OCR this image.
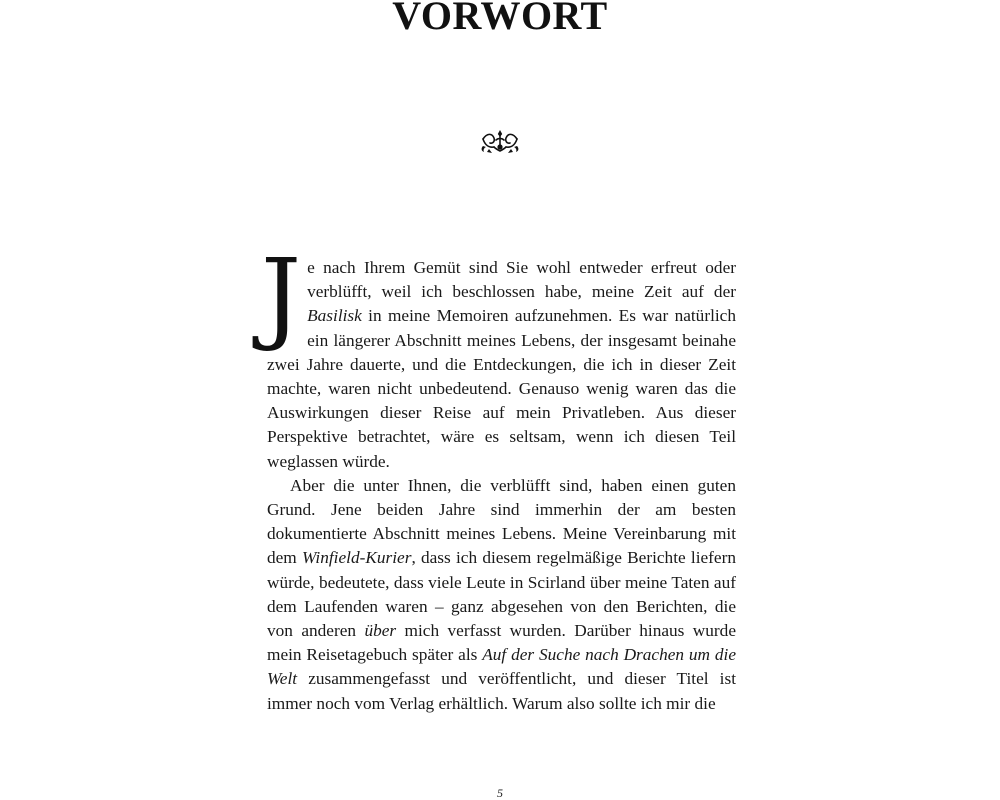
VORWORT

Je nach Ihrem Gemüt sind Sie wohl entweder erfreut oder verblüfft, weil ich beschlossen habe, meine Zeit auf der Basilisk in meine Memoiren aufzunehmen. Es war natürlich ein längerer Abschnitt meines Lebens, der insgesamt beinahe zwei Jahre dauerte, und die Entdeckungen, die ich in dieser Zeit machte, waren nicht unbedeutend. Genauso wenig waren das die Auswirkungen dieser Reise auf mein Privatleben. Aus dieser Perspektive betrachtet, wäre es seltsam, wenn ich diesen Teil weglassen würde.

Aber die unter Ihnen, die verblüfft sind, haben einen guten Grund. Jene beiden Jahre sind immerhin der am besten dokumentierte Abschnitt meines Lebens. Meine Vereinbarung mit dem Winfield-Kurier, dass ich diesem regelmäßige Berichte liefern würde, bedeutete, dass viele Leute in Scirland über meine Taten auf dem Laufenden waren – ganz abgesehen von den Berichten, die von anderen über mich verfasst wurden. Darüber hinaus wurde mein Reisetagebuch später als Auf der Suche nach Drachen um die Welt zusammengefasst und veröffentlicht, und dieser Titel ist immer noch vom Verlag erhältlich. Warum also sollte ich mir die

5
